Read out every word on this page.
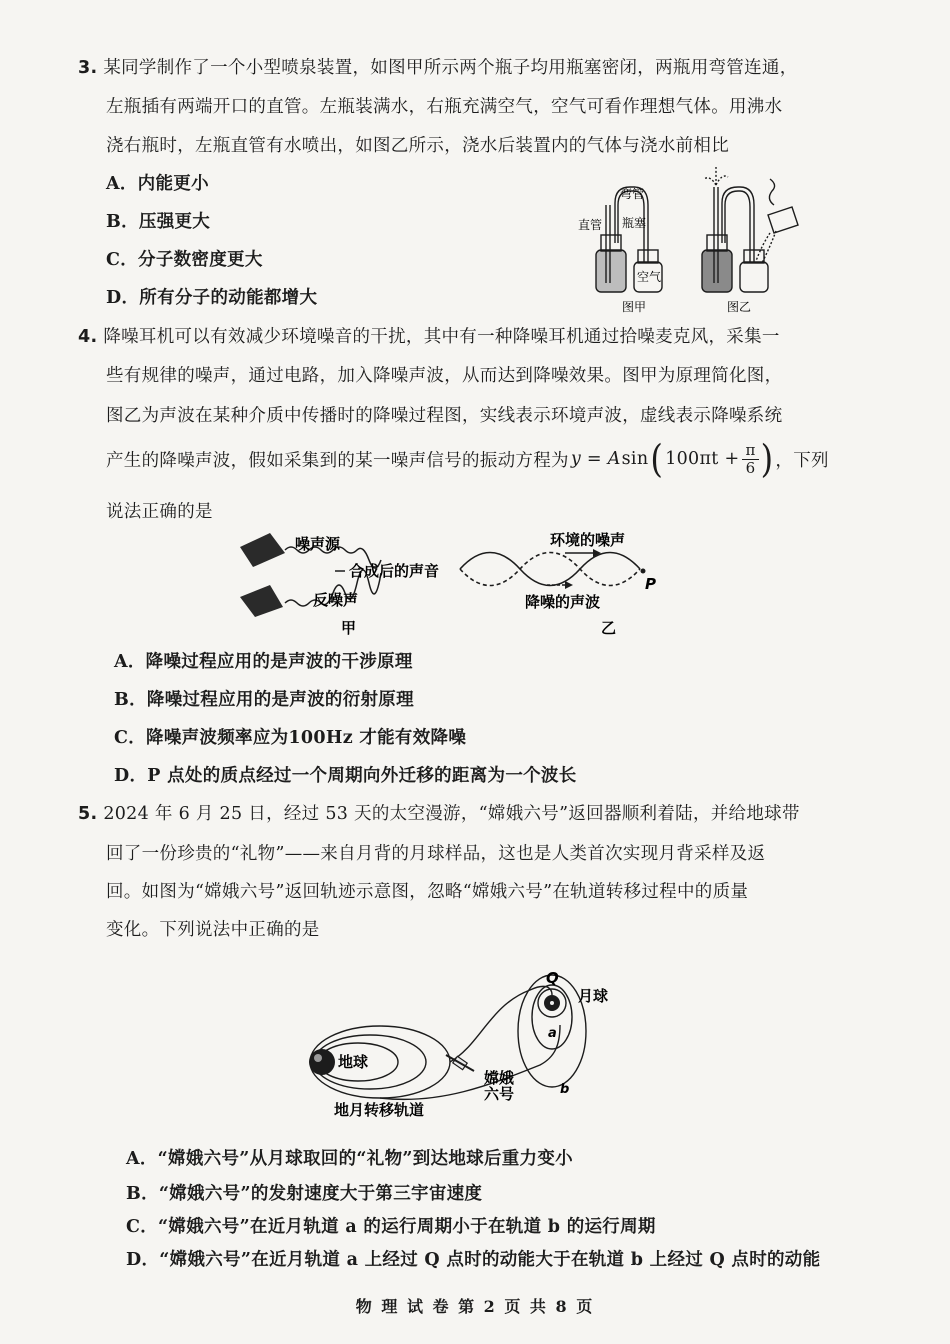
3. 某同学制作了一个小型喷泉装置，如图甲所示两个瓶子均用瓶塞密闭，两瓶用弯管连通，
左瓶插有两端开口的直管。左瓶装满水，右瓶充满空气，空气可看作理想气体。用沸水
浇右瓶时，左瓶直管有水喷出，如图乙所示，浇水后装置内的气体与浇水前相比
A．内能更小
B．压强更大
C．分子数密度更大
D．所有分子的动能都增大
直管
弯管
瓶塞
空气
图甲	图乙
4. 降噪耳机可以有效减少环境噪音的干扰，其中有一种降噪耳机通过拾噪麦克风，采集一
些有规律的噪声，通过电路，加入降噪声波，从而达到降噪效果。图甲为原理简化图，
图乙为声波在某种介质中传播时的降噪过程图，实线表示环境声波，虚线表示降噪系统
产生的降噪声波，假如采集到的某一噪声信号的振动方程为 y = A sin ( $100\pi t + \frac{\pi}{6}$ ) ，下列
说法正确的是
噪声源
合成后的声音
反噪声
甲
环境的噪声
降噪的声波
P
乙
A．降噪过程应用的是声波的干涉原理
B．降噪过程应用的是声波的衍射原理
C．降噪声波频率应为100Hz 才能有效降噪
D．P 点处的质点经过一个周期向外迁移的距离为一个波长
5. 2024 年 6 月 25 日，经过 53 天的太空漫游，“嫦娥六号”返回器顺利着陆，并给地球带
回了一份珍贵的“礼物”——来自月背的月球样品，这也是人类首次实现月背采样及返
回。如图为“嫦娥六号”返回轨迹示意图，忽略“嫦娥六号”在轨道转移过程中的质量
变化。下列说法中正确的是
地球
月球
嫦娥
六号
地月转移轨道
Q
a
b
A．“嫦娥六号”从月球取回的“礼物”到达地球后重力变小
B．“嫦娥六号”的发射速度大于第三宇宙速度
C．“嫦娥六号”在近月轨道 a 的运行周期小于在轨道 b 的运行周期
D．“嫦娥六号”在近月轨道 a 上经过 Q 点时的动能大于在轨道 b 上经过 Q 点时的动能
物 理 试 卷 第 2 页 共 8 页
